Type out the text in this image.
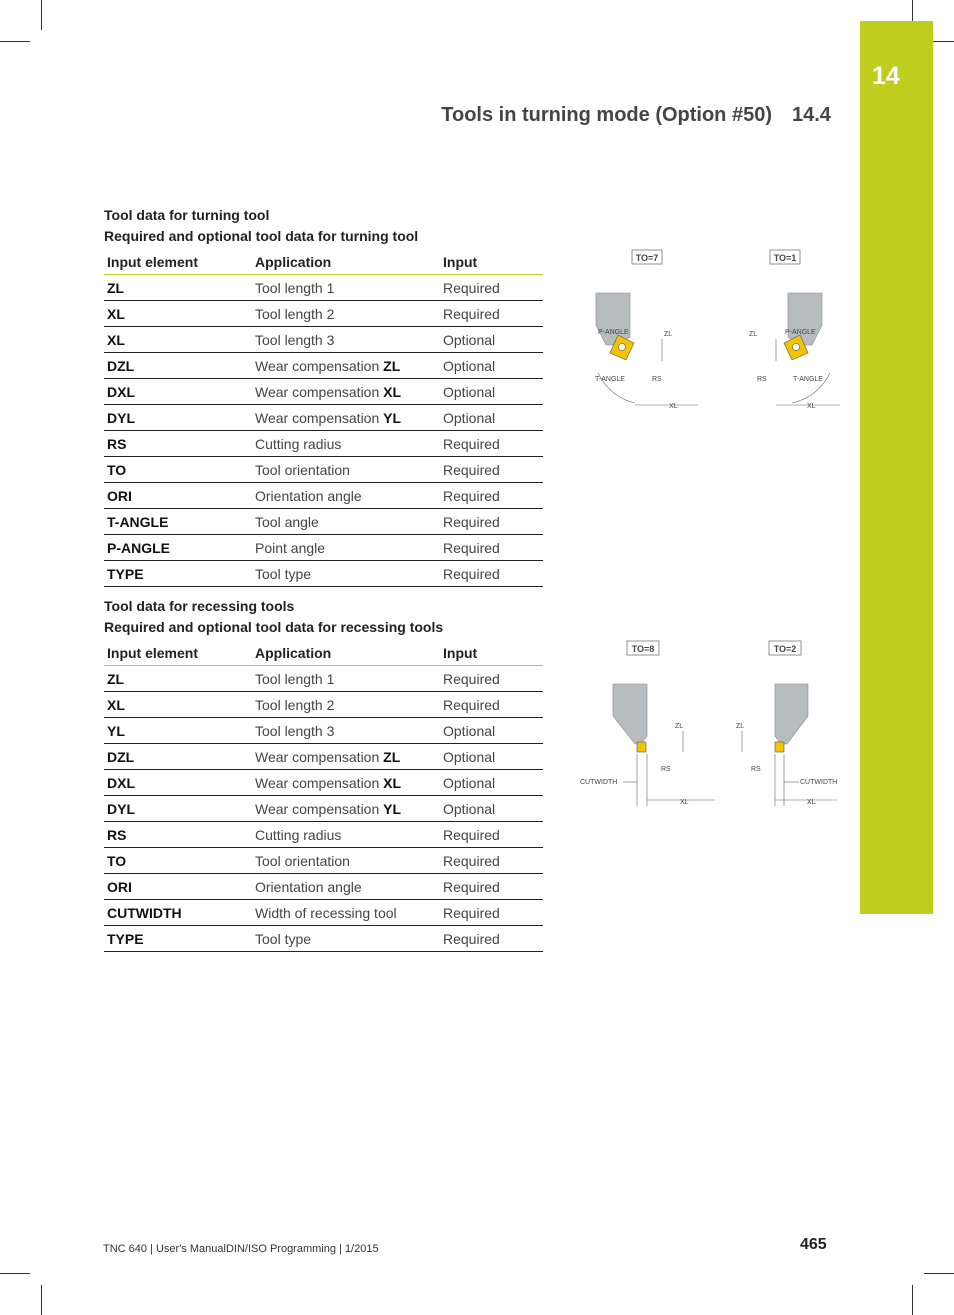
14
Tools in turning mode (Option #50) 14.4
Tool data for turning tool
Required and optional tool data for turning tool
Input element	Application	Input
ZL	Tool length 1	Required
XL	Tool length 2	Required
XL	Tool length 3	Optional
DZL	Wear compensation ZL	Optional
DXL	Wear compensation XL	Optional
DYL	Wear compensation YL	Optional
RS	Cutting radius	Required
TO	Tool orientation	Required
ORI	Orientation angle	Required
T-ANGLE	Tool angle	Required
P-ANGLE	Point angle	Required
TYPE	Tool type	Required
Tool data for recessing tools
Required and optional tool data for recessing tools
Input element	Application	Input
ZL	Tool length 1	Required
XL	Tool length 2	Required
YL	Tool length 3	Optional
DZL	Wear compensation ZL	Optional
DXL	Wear compensation XL	Optional
DYL	Wear compensation YL	Optional
RS	Cutting radius	Required
TO	Tool orientation	Required
ORI	Orientation angle	Required
CUTWIDTH	Width of recessing tool	Required
TYPE	Tool type	Required
TO=7
P-ANGLE
T-ANGLE
ZL
RS
XL
TO=1
P-ANGLE
T-ANGLE
ZL
RS
XL
TO=8
CUTWIDTH
ZL
RS
XL
TO=2
CUTWIDTH
ZL
RS
XL
TNC 640 | User's ManualDIN/ISO Programming | 1/2015	465
